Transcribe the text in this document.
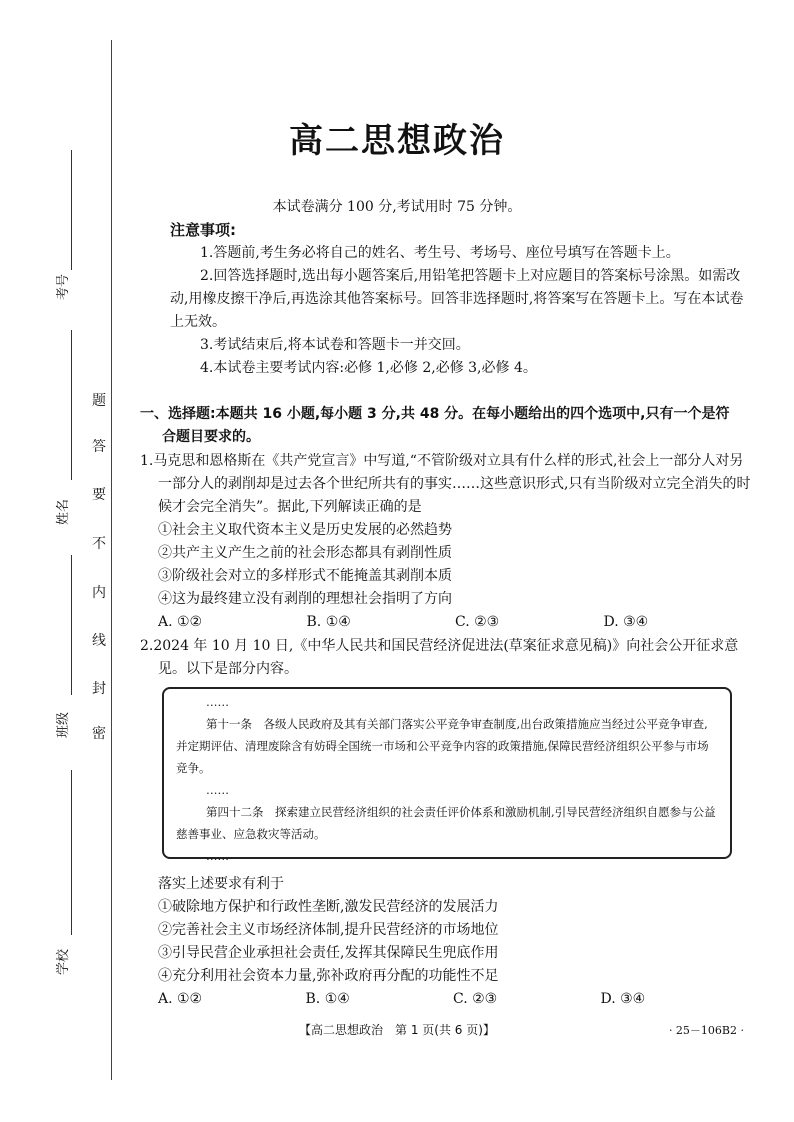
考号
姓名
班级
学校
题
答
要
不
内
线
封
密
高二思想政治
本试卷满分 100 分,考试用时 75 分钟。

注意事项:

1.答题前,考生务必将自己的姓名、考生号、考场号、座位号填写在答题卡上。

2.回答选择题时,选出每小题答案后,用铅笔把答题卡上对应题目的答案标号涂黑。如需改动,用橡皮擦干净后,再选涂其他答案标号。回答非选择题时,将答案写在答题卡上。写在本试卷上无效。

3.考试结束后,将本试卷和答题卡一并交回。

4.本试卷主要考试内容:必修 1,必修 2,必修 3,必修 4。

一、选择题:本题共 16 小题,每小题 3 分,共 48 分。在每小题给出的四个选项中,只有一个是符
合题目要求的。

1.马克思和恩格斯在《共产党宣言》中写道,“不管阶级对立具有什么样的形式,社会上一部分人对另一部分人的剥削却是过去各个世纪所共有的事实……这些意识形式,只有当阶级对立完全消失的时候才会完全消失”。据此,下列解读正确的是

①社会主义取代资本主义是历史发展的必然趋势

②共产主义产生之前的社会形态都具有剥削性质

③阶级社会对立的多样形式不能掩盖其剥削本质

④这为最终建立没有剥削的理想社会指明了方向

A. ①②	B. ①④	C. ②③	D. ③④

2.2024 年 10 月 10 日,《中华人民共和国民营经济促进法(草案征求意见稿)》向社会公开征求意见。以下是部分内容。

……

第十一条　各级人民政府及其有关部门落实公平竞争审查制度,出台政策措施应当经过公平竞争审查,并定期评估、清理废除含有妨碍全国统一市场和公平竞争内容的政策措施,保障民营经济组织公平参与市场竞争。

……

第四十二条　探索建立民营经济组织的社会责任评价体系和激励机制,引导民营经济组织自愿参与公益慈善事业、应急救灾等活动。

……

落实上述要求有利于

①破除地方保护和行政性垄断,激发民营经济的发展活力

②完善社会主义市场经济体制,提升民营经济的市场地位

③引导民营企业承担社会责任,发挥其保障民生兜底作用

④充分利用社会资本力量,弥补政府再分配的功能性不足

A. ①②	B. ①④	C. ②③	D. ③④
【高二思想政治　第 1 页(共 6 页)】	· 25－106B2 ·
